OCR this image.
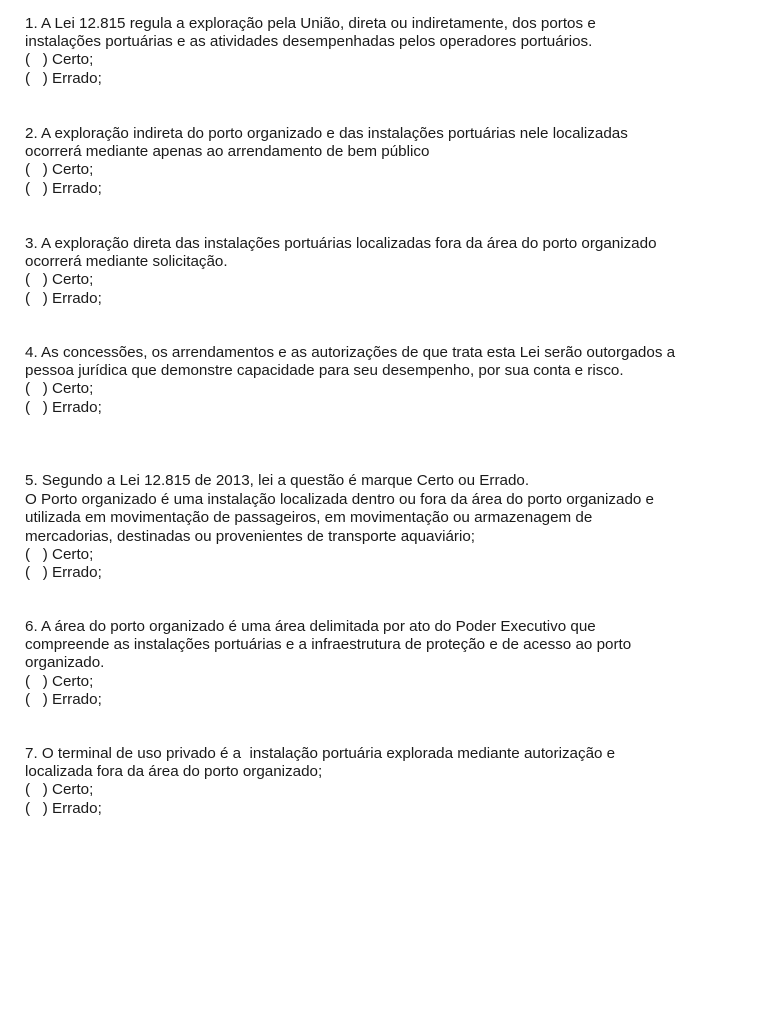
1. A Lei 12.815 regula a exploração pela União, direta ou indiretamente, dos portos e
instalações portuárias e as atividades desempenhadas pelos operadores portuários.
(   ) Certo;
(   ) Errado;
2. A exploração indireta do porto organizado e das instalações portuárias nele localizadas
ocorrerá mediante apenas ao arrendamento de bem público
(   ) Certo;
(   ) Errado;
3. A exploração direta das instalações portuárias localizadas fora da área do porto organizado
ocorrerá mediante solicitação.
(   ) Certo;
(   ) Errado;
4. As concessões, os arrendamentos e as autorizações de que trata esta Lei serão outorgados a
pessoa jurídica que demonstre capacidade para seu desempenho, por sua conta e risco.
(   ) Certo;
(   ) Errado;
5. Segundo a Lei 12.815 de 2013, lei a questão é marque Certo ou Errado.
O Porto organizado é uma instalação localizada dentro ou fora da área do porto organizado e
utilizada em movimentação de passageiros, em movimentação ou armazenagem de
mercadorias, destinadas ou provenientes de transporte aquaviário;
(   ) Certo;
(   ) Errado;
6. A área do porto organizado é uma área delimitada por ato do Poder Executivo que
compreende as instalações portuárias e a infraestrutura de proteção e de acesso ao porto
organizado.
(   ) Certo;
(   ) Errado;
7. O terminal de uso privado é a  instalação portuária explorada mediante autorização e
localizada fora da área do porto organizado;
(   ) Certo;
(   ) Errado;
